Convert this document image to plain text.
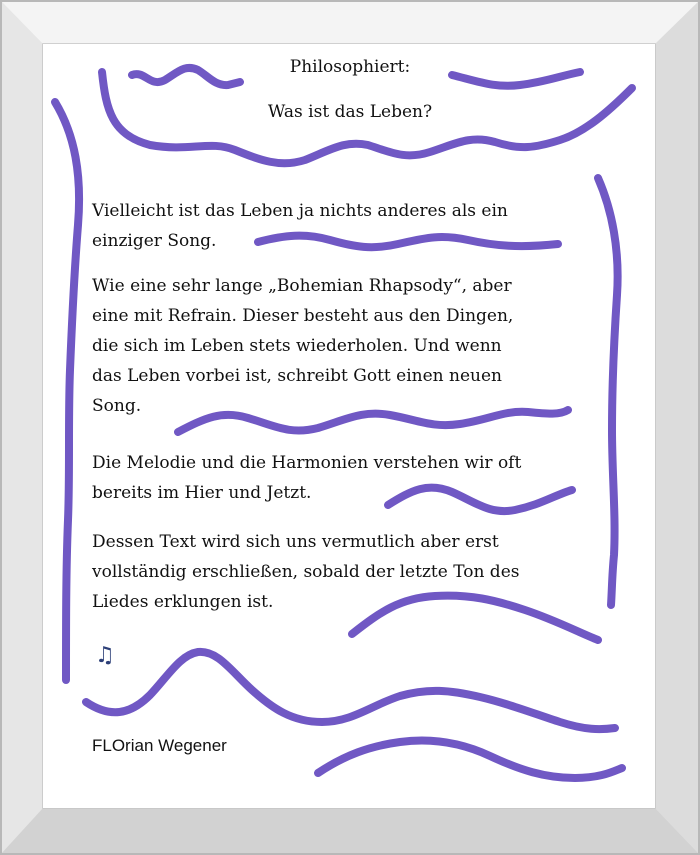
Philosophiert:
Was ist das Leben?
Vielleicht ist das Leben ja nichts anderes als ein
einziger Song.
Wie eine sehr lange „Bohemian Rhapsody“, aber
eine mit Refrain. Dieser besteht aus den Dingen,
die sich im Leben stets wiederholen. Und wenn
das Leben vorbei ist, schreibt Gott einen neuen
Song.
Die Melodie und die Harmonien verstehen wir oft
bereits im Hier und Jetzt.
Dessen Text wird sich uns vermutlich aber erst
vollständig erschließen, sobald der letzte Ton des
Liedes erklungen ist.
♫
FLOrian Wegener
